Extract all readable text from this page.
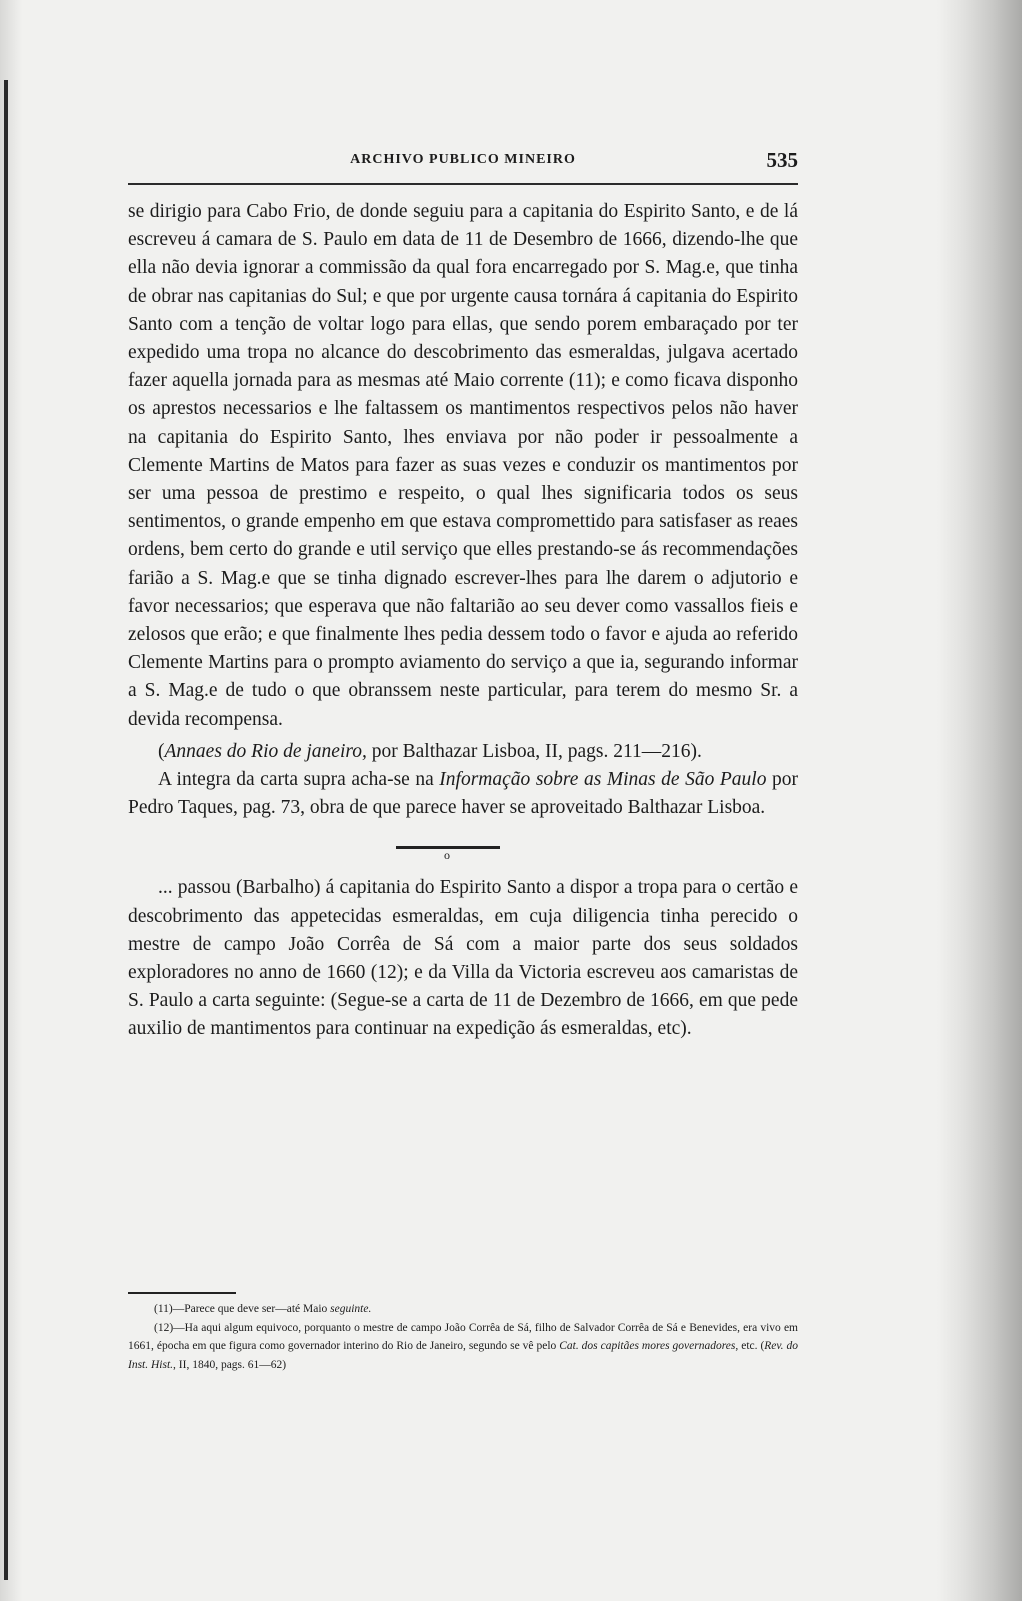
ARCHIVO PUBLICO MINEIRO	535

se dirigio para Cabo Frio, de donde seguiu para a capitania do Espirito Santo, e de lá escreveu á camara de S. Paulo em data de 11 de Desembro de 1666, dizendo-lhe que ella não devia ignorar a commissão da qual fora encarregado por S. Mag.e, que tinha de obrar nas capitanias do Sul; e que por urgente causa tornára á capitania do Espirito Santo com a tenção de voltar logo para ellas, que sendo porem embaraçado por ter expedido uma tropa no alcance do descobrimento das esmeraldas, julgava acertado fazer aquella jornada para as mesmas até Maio corrente (11); e como ficava disponho os aprestos necessarios e lhe faltassem os mantimentos respectivos pelos não haver na capitania do Espirito Santo, lhes enviava por não poder ir pessoalmente a Clemente Martins de Matos para fazer as suas vezes e conduzir os mantimentos por ser uma pessoa de prestimo e respeito, o qual lhes significaria todos os seus sentimentos, o grande empenho em que estava compromettido para satisfaser as reaes ordens, bem certo do grande e util serviço que elles prestando-se ás recommendações farião a S. Mag.e que se tinha dignado escrever-lhes para lhe darem o adjutorio e favor necessarios; que esperava que não faltarião ao seu dever como vassallos fieis e zelosos que erão; e que finalmente lhes pedia dessem todo o favor e ajuda ao referido Clemente Martins para o prompto aviamento do serviço a que ia, segurando informar a S. Mag.e de tudo o que obranssem neste particular, para terem do mesmo Sr. a devida recompensa.

(Annaes do Rio de janeiro, por Balthazar Lisboa, II, pags. 211—216).

A integra da carta supra acha-se na Informação sobre as Minas de São Paulo por Pedro Taques, pag. 73, obra de que parece haver se aproveitado Balthazar Lisboa.

o

... passou (Barbalho) á capitania do Espirito Santo a dispor a tropa para o certão e descobrimento das appetecidas esmeraldas, em cuja diligencia tinha perecido o mestre de campo João Corrêa de Sá com a maior parte dos seus soldados exploradores no anno de 1660 (12); e da Villa da Victoria escreveu aos camaristas de S. Paulo a carta seguinte: (Segue-se a carta de 11 de Dezembro de 1666, em que pede auxilio de mantimentos para continuar na expedição ás esmeraldas, etc).

(11)—Parece que deve ser—até Maio seguinte.

(12)—Ha aqui algum equivoco, porquanto o mestre de campo João Corrêa de Sá, filho de Salvador Corrêa de Sá e Benevides, era vivo em 1661, épocha em que figura como governador interino do Rio de Janeiro, segundo se vê pelo Cat. dos capitães mores governadores, etc. (Rev. do Inst. Hist., II, 1840, pags. 61—62)
